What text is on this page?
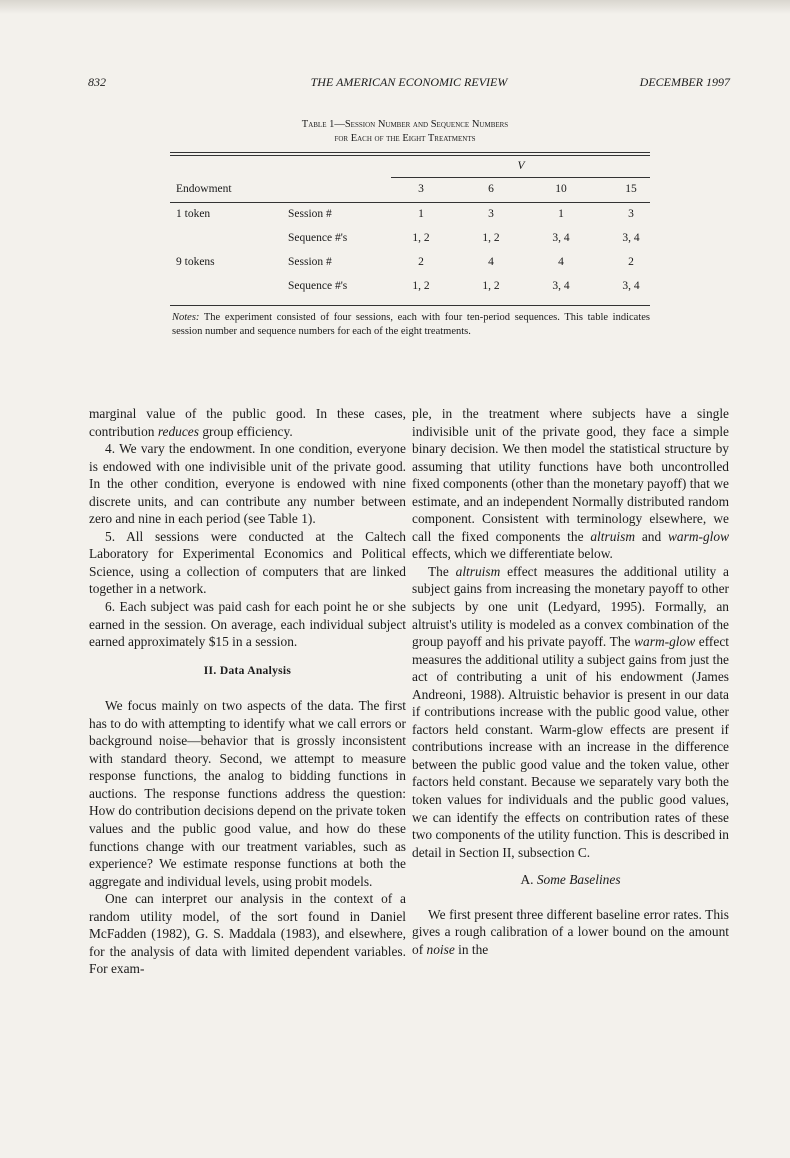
832	THE AMERICAN ECONOMIC REVIEW	DECEMBER 1997
Table 1—Session Number and Sequence Numbers
for Each of the Eight Treatments
V
Endowment	3	6	10	15
1 token	Session #	1	3	1	3
Sequence #'s	1, 2	1, 2	3, 4	3, 4
9 tokens	Session #	2	4	4	2
Sequence #'s	1, 2	1, 2	3, 4	3, 4
Notes: The experiment consisted of four sessions, each with four ten-period sequences. This table indicates session number and sequence numbers for each of the eight treatments.

marginal value of the public good. In these cases, contribution reduces group efficiency.

4. We vary the endowment. In one condition, everyone is endowed with one indivisible unit of the private good. In the other condition, everyone is endowed with nine discrete units, and can contribute any number between zero and nine in each period (see Table 1).

5. All sessions were conducted at the Caltech Laboratory for Experimental Economics and Political Science, using a collection of computers that are linked together in a network.

6. Each subject was paid cash for each point he or she earned in the session. On average, each individual subject earned approximately $15 in a session.

II. Data Analysis

We focus mainly on two aspects of the data. The first has to do with attempting to identify what we call errors or background noise—behavior that is grossly inconsistent with standard theory. Second, we attempt to measure response functions, the analog to bidding functions in auctions. The response functions address the question: How do contribution decisions depend on the private token values and the public good value, and how do these functions change with our treatment variables, such as experience? We estimate response functions at both the aggregate and individual levels, using probit models.

One can interpret our analysis in the context of a random utility model, of the sort found in Daniel McFadden (1982), G. S. Maddala (1983), and elsewhere, for the analysis of data with limited dependent variables. For exam-

ple, in the treatment where subjects have a single indivisible unit of the private good, they face a simple binary decision. We then model the statistical structure by assuming that utility functions have both uncontrolled fixed components (other than the monetary payoff) that we estimate, and an independent Normally distributed random component. Consistent with terminology elsewhere, we call the fixed components the altruism and warm-glow effects, which we differentiate below.

The altruism effect measures the additional utility a subject gains from increasing the monetary payoff to other subjects by one unit (Ledyard, 1995). Formally, an altruist's utility is modeled as a convex combination of the group payoff and his private payoff. The warm-glow effect measures the additional utility a subject gains from just the act of contributing a unit of his endowment (James Andreoni, 1988). Altruistic behavior is present in our data if contributions increase with the public good value, other factors held constant. Warm-glow effects are present if contributions increase with an increase in the difference between the public good value and the token value, other factors held constant. Because we separately vary both the token values for individuals and the public good values, we can identify the effects on contribution rates of these two components of the utility function. This is described in detail in Section II, subsection C.

A. Some Baselines

We first present three different baseline error rates. This gives a rough calibration of a lower bound on the amount of noise in the
